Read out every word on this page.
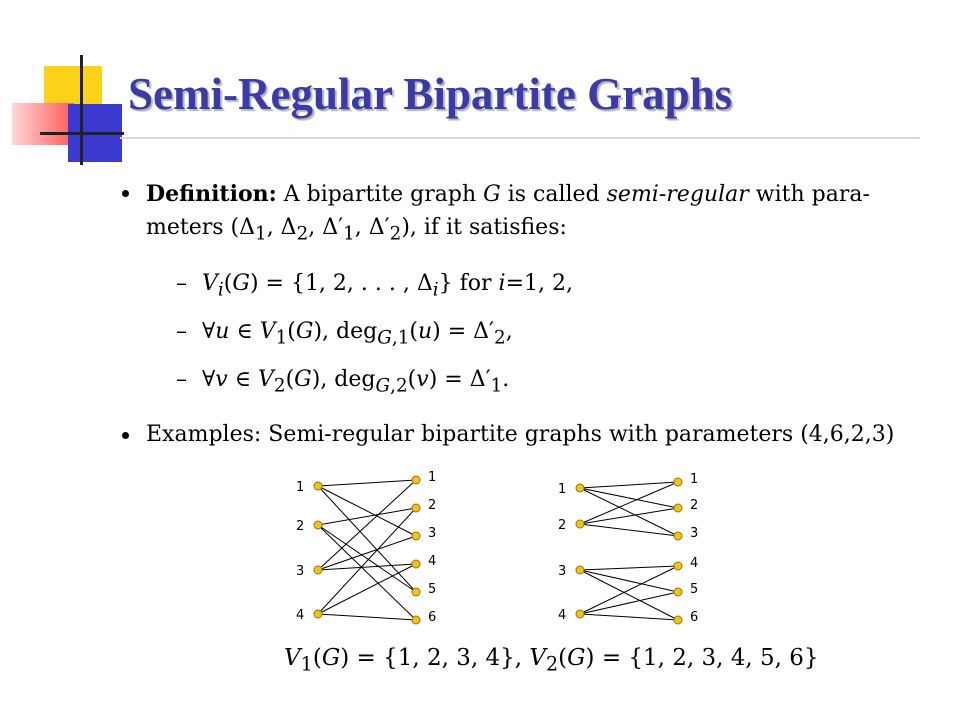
Semi-Regular Bipartite Graphs
Definition: A bipartite graph G is called semi-regular with para-
meters ($\Delta_1$, $\Delta_2$, $\Delta'_1$, $\Delta'_2$), if it satisfies:
– $V_i(G) = \{1$, 2, . . . , $\Delta_i$} for i=1, 2,
– ∀u ∈ $V_1(G)$, $deg_{G,1}(u) = \Delta'_2$,
– ∀v ∈ $V_2(G)$, $deg_{G,2}(v) = \Delta'_1$.
Examples: Semi-regular bipartite graphs with parameters (4,6,2,3)
1
2
3
4
1
2
3
4
5
6
1
2
3
4
1
2
3
4
5
6
$V_1(G) = \{1$, 2, 3, 4}, $V_2(G) = \{1$, 2, 3, 4, 5, 6}
